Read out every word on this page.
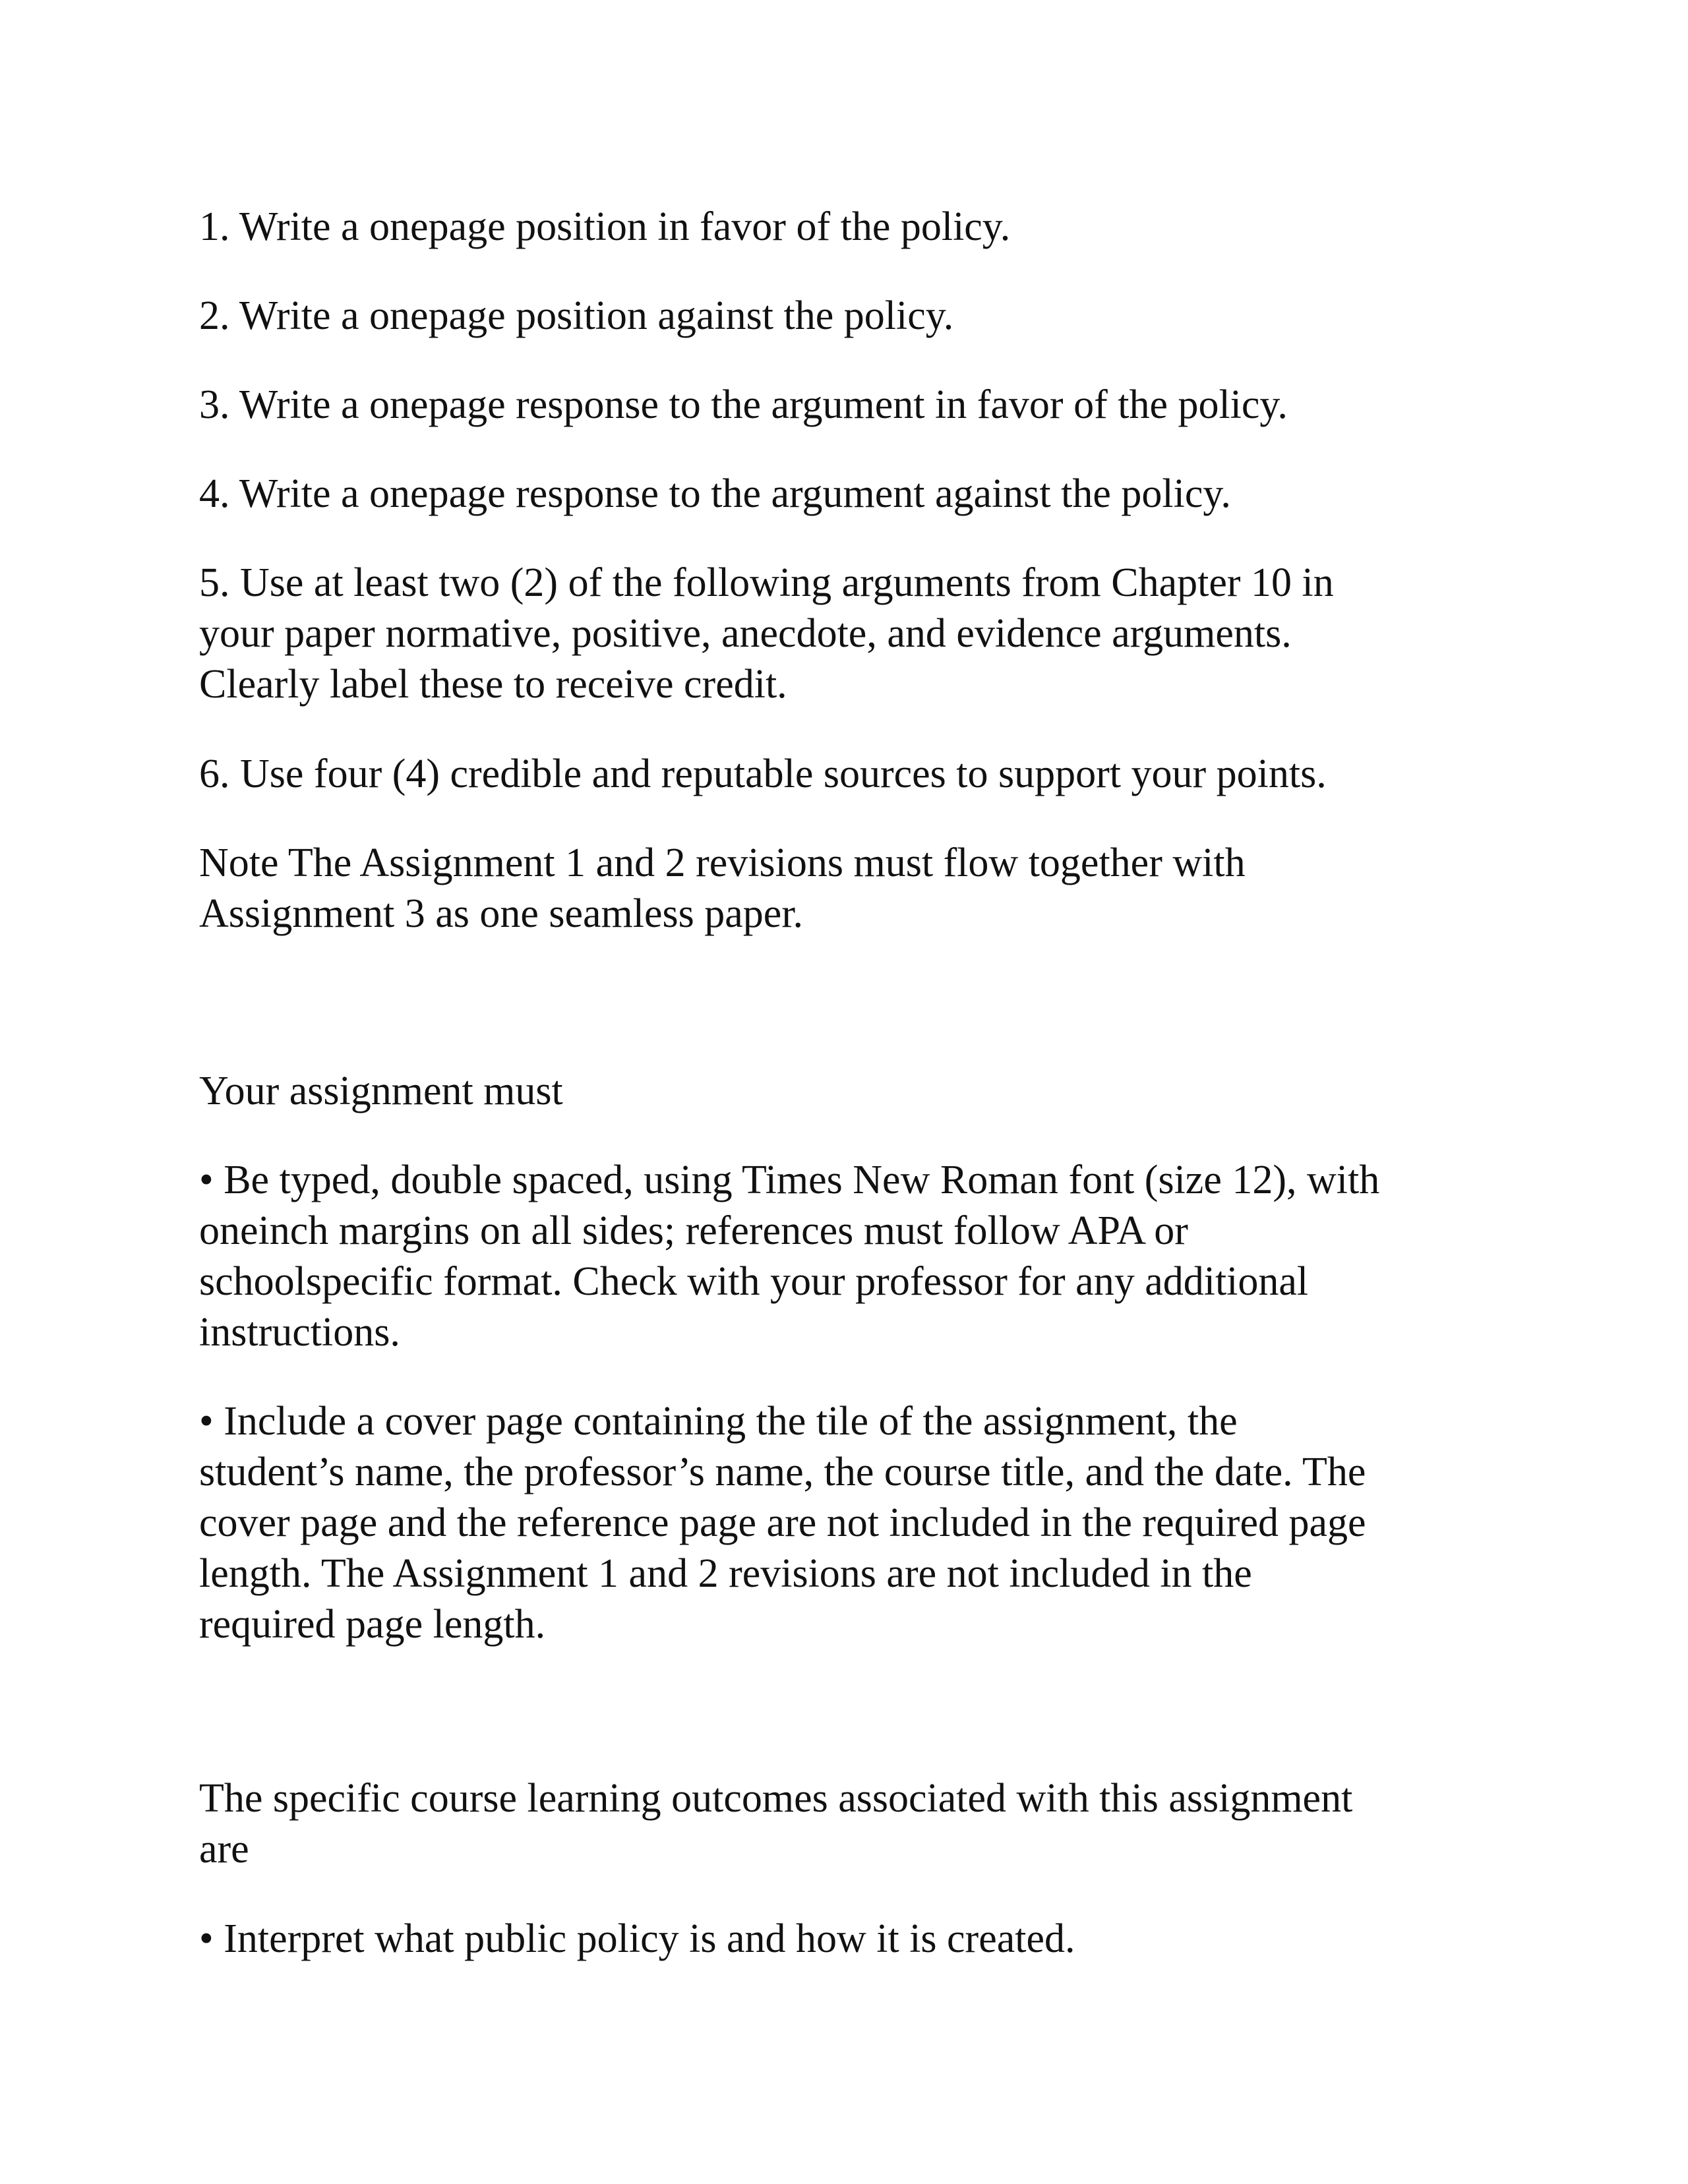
1. Write a onepage position in favor of the policy.

2. Write a onepage position against the policy.

3. Write a onepage response to the argument in favor of the policy.

4. Write a onepage response to the argument against the policy.

5. Use at least two (2) of the following arguments from Chapter 10 in
your paper normative, positive, anecdote, and evidence arguments.
Clearly label these to receive credit.

6. Use four (4) credible and reputable sources to support your points.

Note The Assignment 1 and 2 revisions must flow together with
Assignment 3 as one seamless paper.

Your assignment must

• Be typed, double spaced, using Times New Roman font (size 12), with
oneinch margins on all sides; references must follow APA or
schoolspecific format. Check with your professor for any additional
instructions.

• Include a cover page containing the tile of the assignment, the
student’s name, the professor’s name, the course title, and the date. The
cover page and the reference page are not included in the required page
length. The Assignment 1 and 2 revisions are not included in the
required page length.

The specific course learning outcomes associated with this assignment
are

• Interpret what public policy is and how it is created.
